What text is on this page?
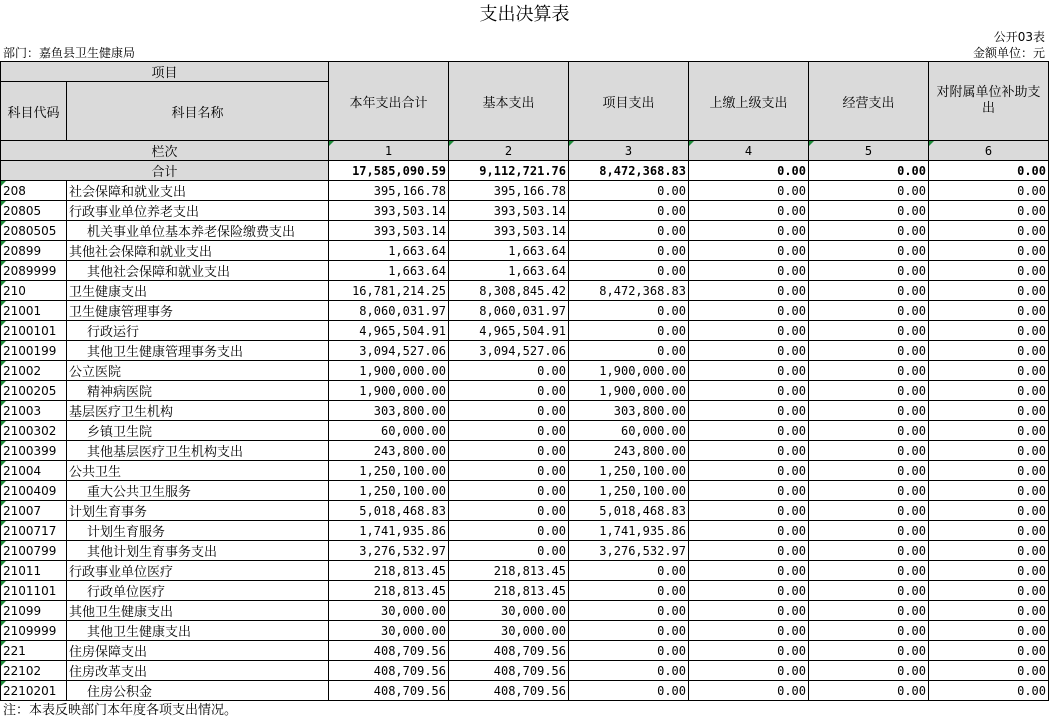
支出决算表
公开03表
部门：嘉鱼县卫生健康局	金额单位：元
项目		本年支出合计	基本支出	项目支出	上缴上级支出	经营支出	对附属单位补助支出
科目代码	科目名称						
栏次		1	2	3	4	5	6
合计		17,585,090.59	9,112,721.76	8,472,368.83	0.00	0.00	0.00
208	社会保障和就业支出	395,166.78	395,166.78	0.00	0.00	0.00	0.00
20805	行政事业单位养老支出	393,503.14	393,503.14	0.00	0.00	0.00	0.00
2080505	机关事业单位基本养老保险缴费支出	393,503.14	393,503.14	0.00	0.00	0.00	0.00
20899	其他社会保障和就业支出	1,663.64	1,663.64	0.00	0.00	0.00	0.00
2089999	其他社会保障和就业支出	1,663.64	1,663.64	0.00	0.00	0.00	0.00
210	卫生健康支出	16,781,214.25	8,308,845.42	8,472,368.83	0.00	0.00	0.00
21001	卫生健康管理事务	8,060,031.97	8,060,031.97	0.00	0.00	0.00	0.00
2100101	行政运行	4,965,504.91	4,965,504.91	0.00	0.00	0.00	0.00
2100199	其他卫生健康管理事务支出	3,094,527.06	3,094,527.06	0.00	0.00	0.00	0.00
21002	公立医院	1,900,000.00	0.00	1,900,000.00	0.00	0.00	0.00
2100205	精神病医院	1,900,000.00	0.00	1,900,000.00	0.00	0.00	0.00
21003	基层医疗卫生机构	303,800.00	0.00	303,800.00	0.00	0.00	0.00
2100302	乡镇卫生院	60,000.00	0.00	60,000.00	0.00	0.00	0.00
2100399	其他基层医疗卫生机构支出	243,800.00	0.00	243,800.00	0.00	0.00	0.00
21004	公共卫生	1,250,100.00	0.00	1,250,100.00	0.00	0.00	0.00
2100409	重大公共卫生服务	1,250,100.00	0.00	1,250,100.00	0.00	0.00	0.00
21007	计划生育事务	5,018,468.83	0.00	5,018,468.83	0.00	0.00	0.00
2100717	计划生育服务	1,741,935.86	0.00	1,741,935.86	0.00	0.00	0.00
2100799	其他计划生育事务支出	3,276,532.97	0.00	3,276,532.97	0.00	0.00	0.00
21011	行政事业单位医疗	218,813.45	218,813.45	0.00	0.00	0.00	0.00
2101101	行政单位医疗	218,813.45	218,813.45	0.00	0.00	0.00	0.00
21099	其他卫生健康支出	30,000.00	30,000.00	0.00	0.00	0.00	0.00
2109999	其他卫生健康支出	30,000.00	30,000.00	0.00	0.00	0.00	0.00
221	住房保障支出	408,709.56	408,709.56	0.00	0.00	0.00	0.00
22102	住房改革支出	408,709.56	408,709.56	0.00	0.00	0.00	0.00
2210201	住房公积金	408,709.56	408,709.56	0.00	0.00	0.00	0.00
注：本表反映部门本年度各项支出情况。
